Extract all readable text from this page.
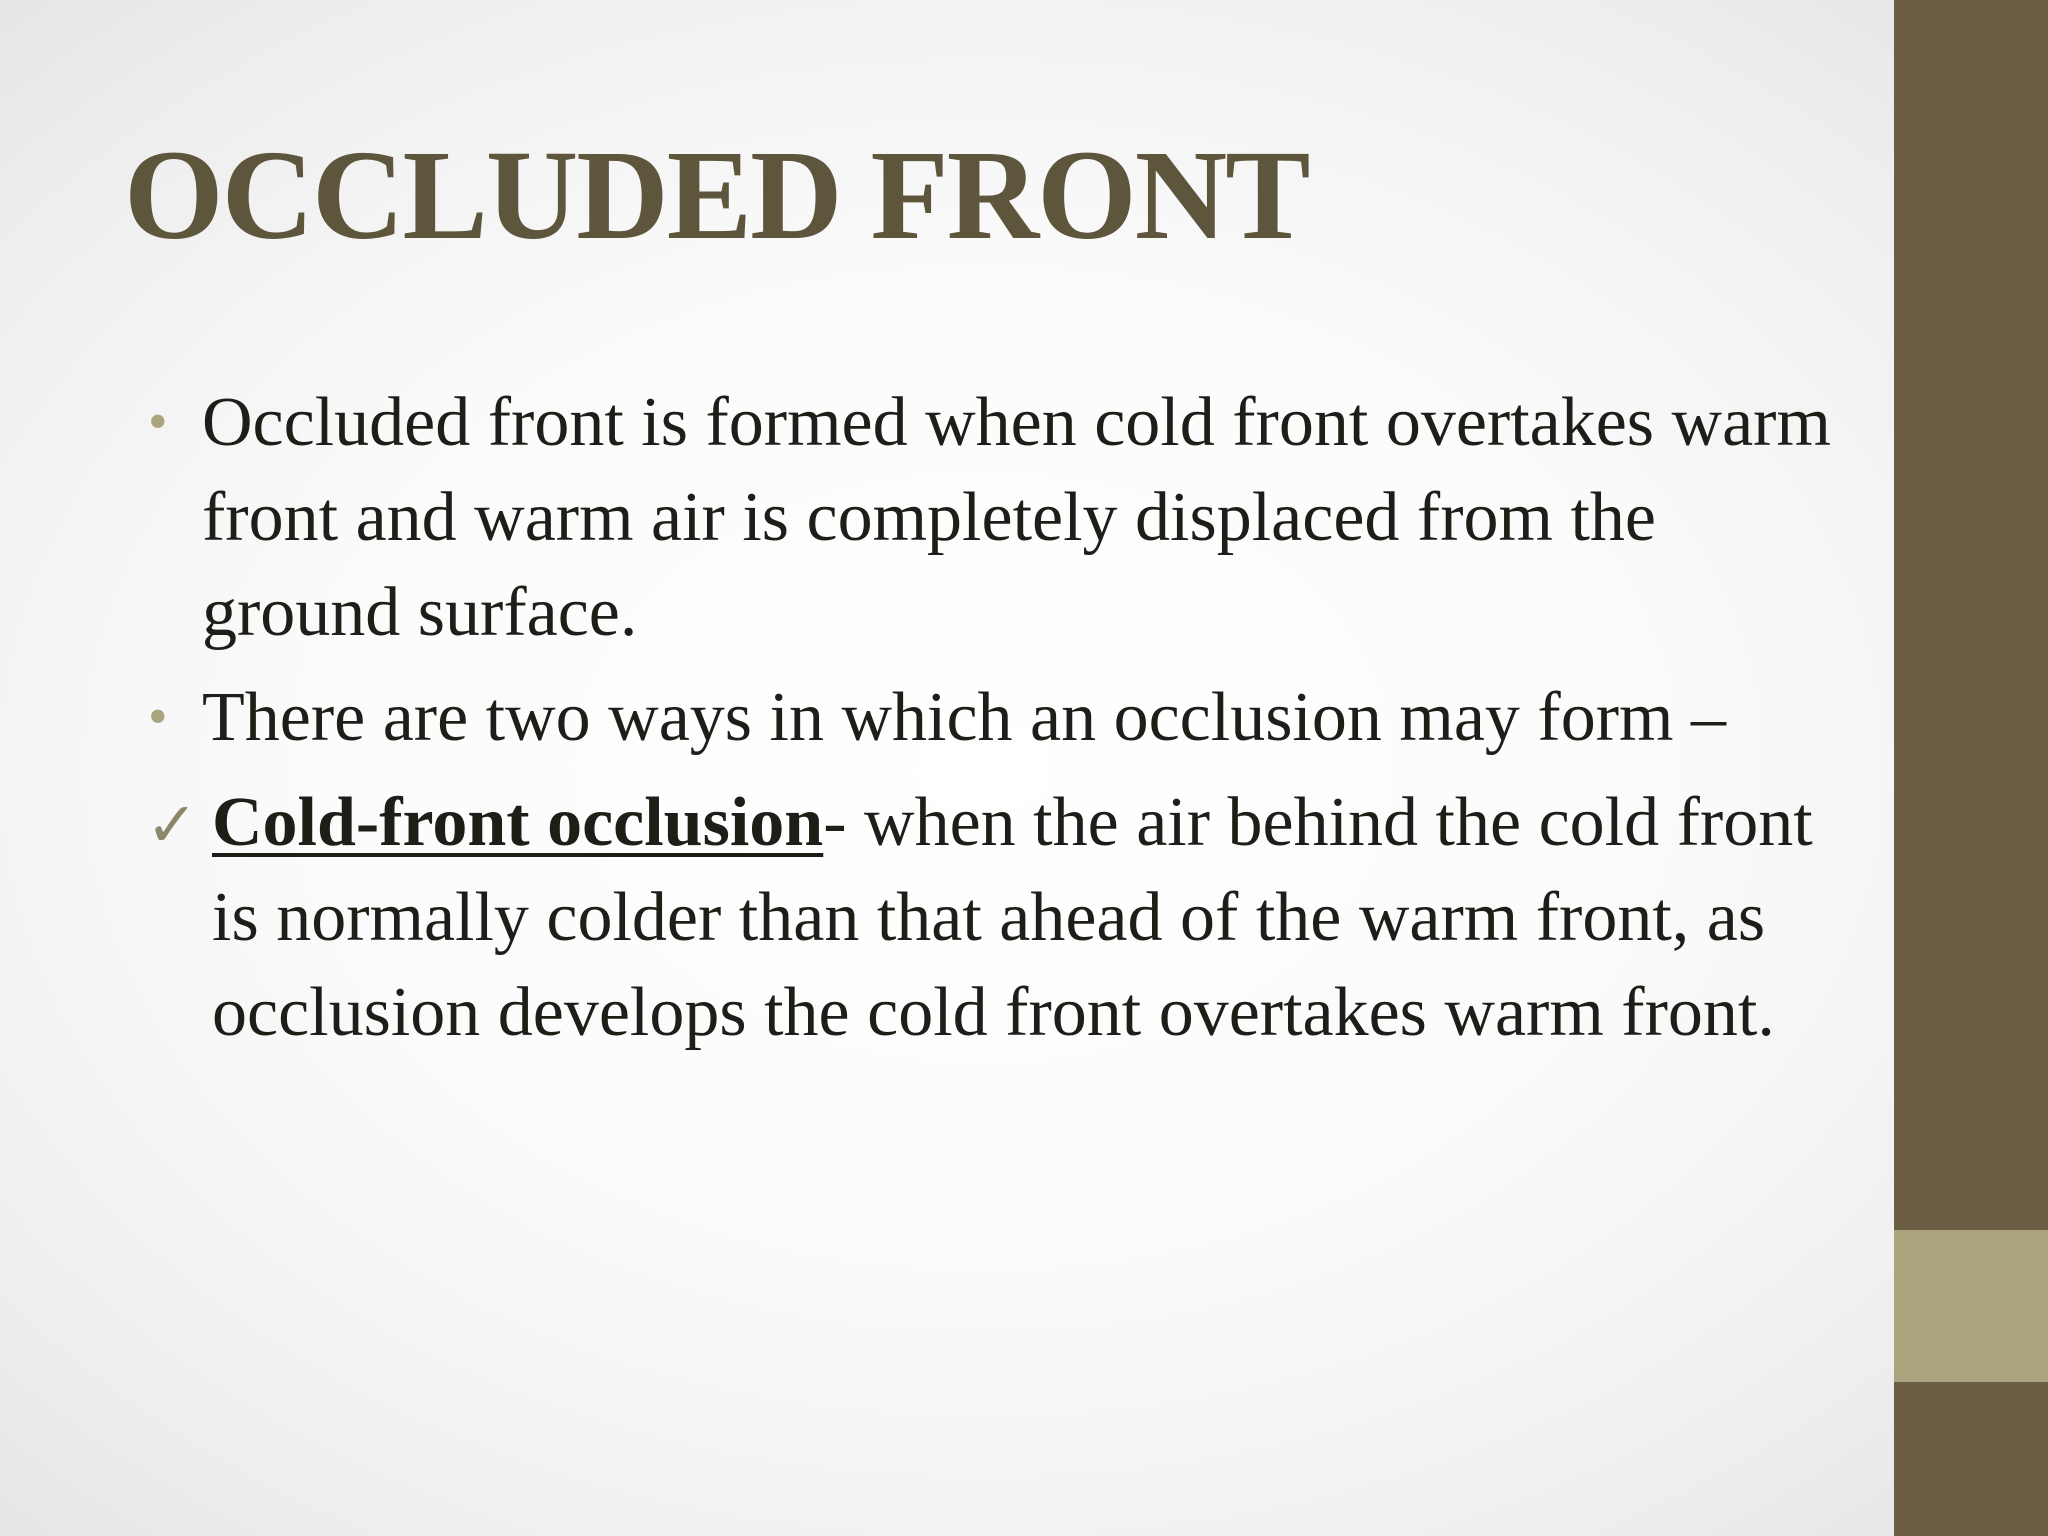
OCCLUDED FRONT
• Occluded front is formed when cold front overtakes warm front and warm air is completely displaced from the ground surface.
• There are two ways in which an occlusion may form –
✓ Cold-front occlusion- when the air behind the cold front is normally colder than that ahead of the warm front, as occlusion develops the cold front overtakes warm front.
